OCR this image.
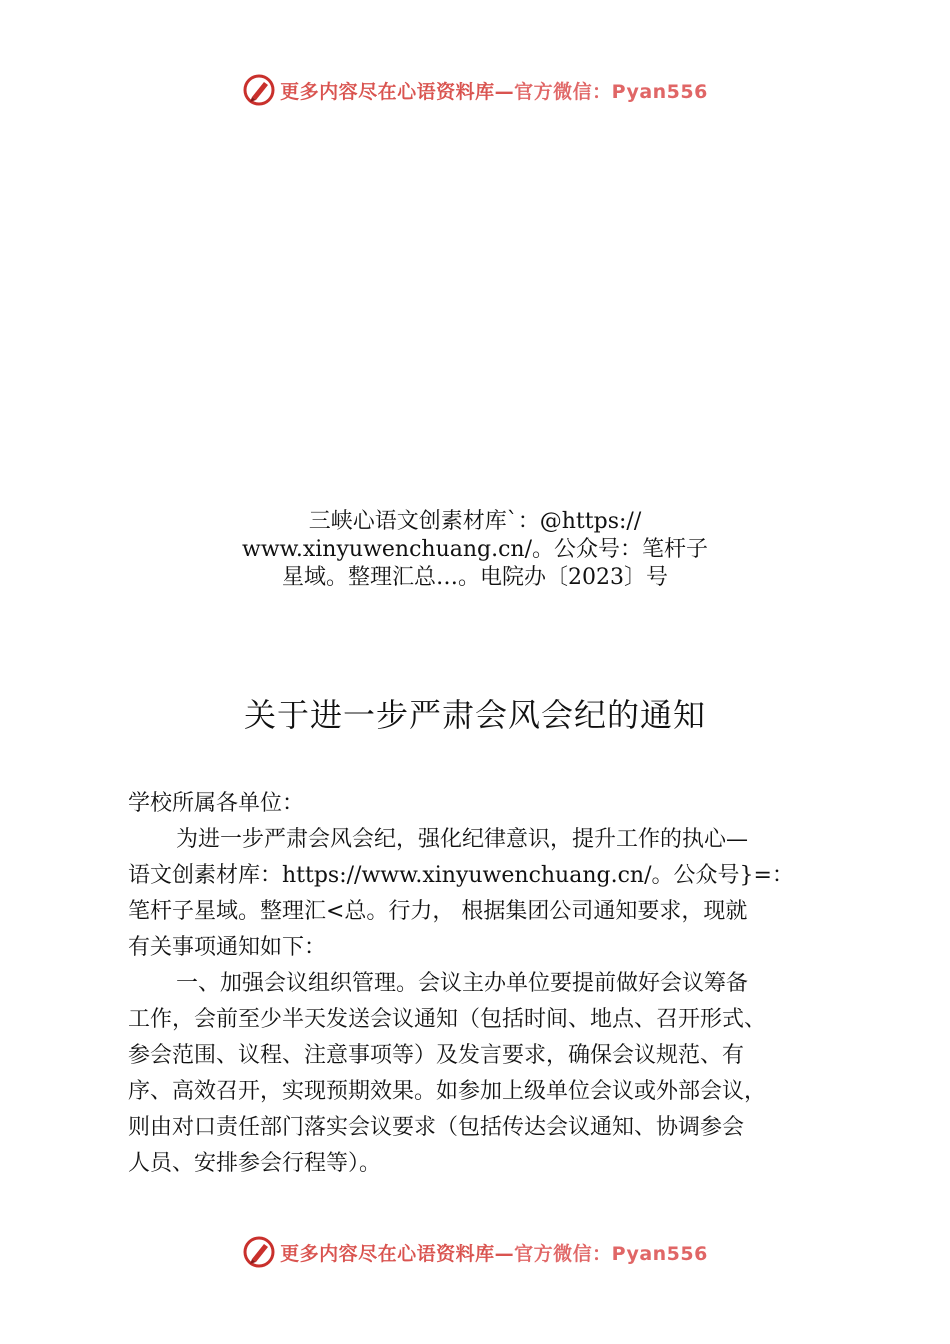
更多内容尽在心语资料库—官方微信：Pyan556
三峡心语文创素材库`：@https://
www.xinyuwenchuang.cn/。公众号：笔杆子
星域。整理汇总…。电院办〔2023〕号
关于进一步严肃会风会纪的通知
学校所属各单位：
为进一步严肃会风会纪，强化纪律意识，提升工作的执心—
语文创素材库：https://www.xinyuwenchuang.cn/。公众号}=：
笔杆子星域。整理汇<总。行力， 根据集团公司通知要求，现就
有关事项通知如下：
一、加强会议组织管理。会议主办单位要提前做好会议筹备
工作，会前至少半天发送会议通知（包括时间、地点、召开形式、
参会范围、议程、注意事项等）及发言要求，确保会议规范、有
序、高效召开，实现预期效果。如参加上级单位会议或外部会议，
则由对口责任部门落实会议要求（包括传达会议通知、协调参会
人员、安排参会行程等）。
更多内容尽在心语资料库—官方微信：Pyan556
